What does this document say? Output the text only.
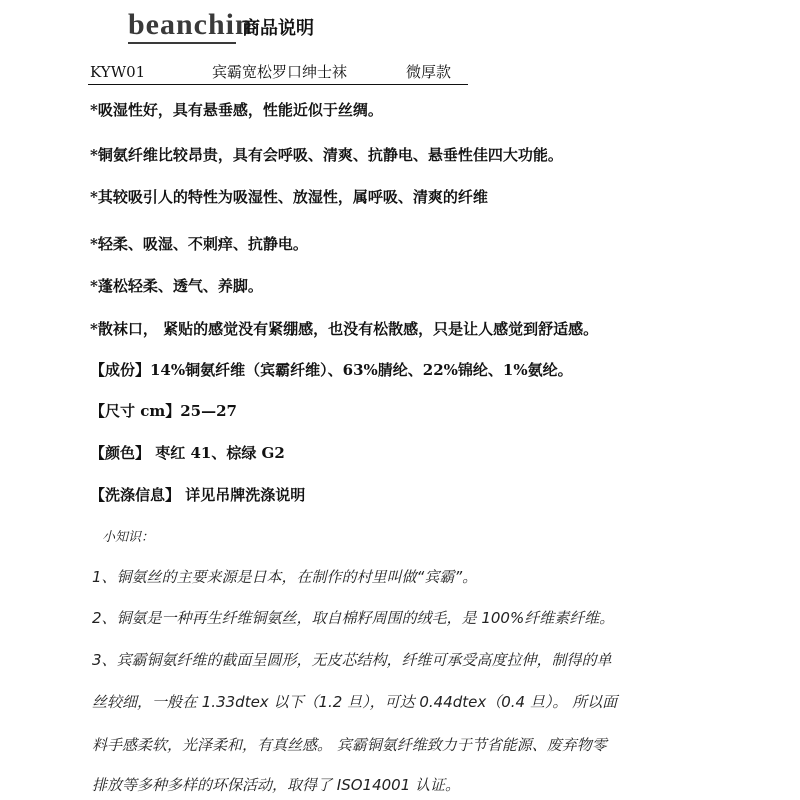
beanchin
商品说明
KYW01	宾霸宽松罗口绅士袜	微厚款
*吸湿性好，具有悬垂感，性能近似于丝绸。
*铜氨纤维比较昂贵，具有会呼吸、清爽、抗静电、悬垂性佳四大功能。
*其较吸引人的特性为吸湿性、放湿性，属呼吸、清爽的纤维
*轻柔、吸湿、不刺痒、抗静电。
*蓬松轻柔、透气、养脚。
*散袜口， 紧贴的感觉没有紧绷感，也没有松散感，只是让人感觉到舒适感。
【成份】14%铜氨纤维（宾霸纤维）、63%腈纶、22%锦纶、1%氨纶。
【尺寸 cm】25—27
【颜色】 枣红 41、棕绿 G2
【洗涤信息】 详见吊牌洗涤说明
小知识：
1、铜氨丝的主要来源是日本，在制作的村里叫做“宾霸”。
2、铜氨是一种再生纤维铜氨丝，取自棉籽周围的绒毛，是 100%纤维素纤维。
3、宾霸铜氨纤维的截面呈圆形，无皮芯结构，纤维可承受高度拉伸，制得的单
丝较细，一般在 1.33dtex 以下（1.2 旦），可达 0.44dtex（0.4 旦）。 所以面
料手感柔软，光泽柔和，有真丝感。 宾霸铜氨纤维致力于节省能源、废弃物零
排放等多种多样的环保活动，取得了 ISO14001 认证。
